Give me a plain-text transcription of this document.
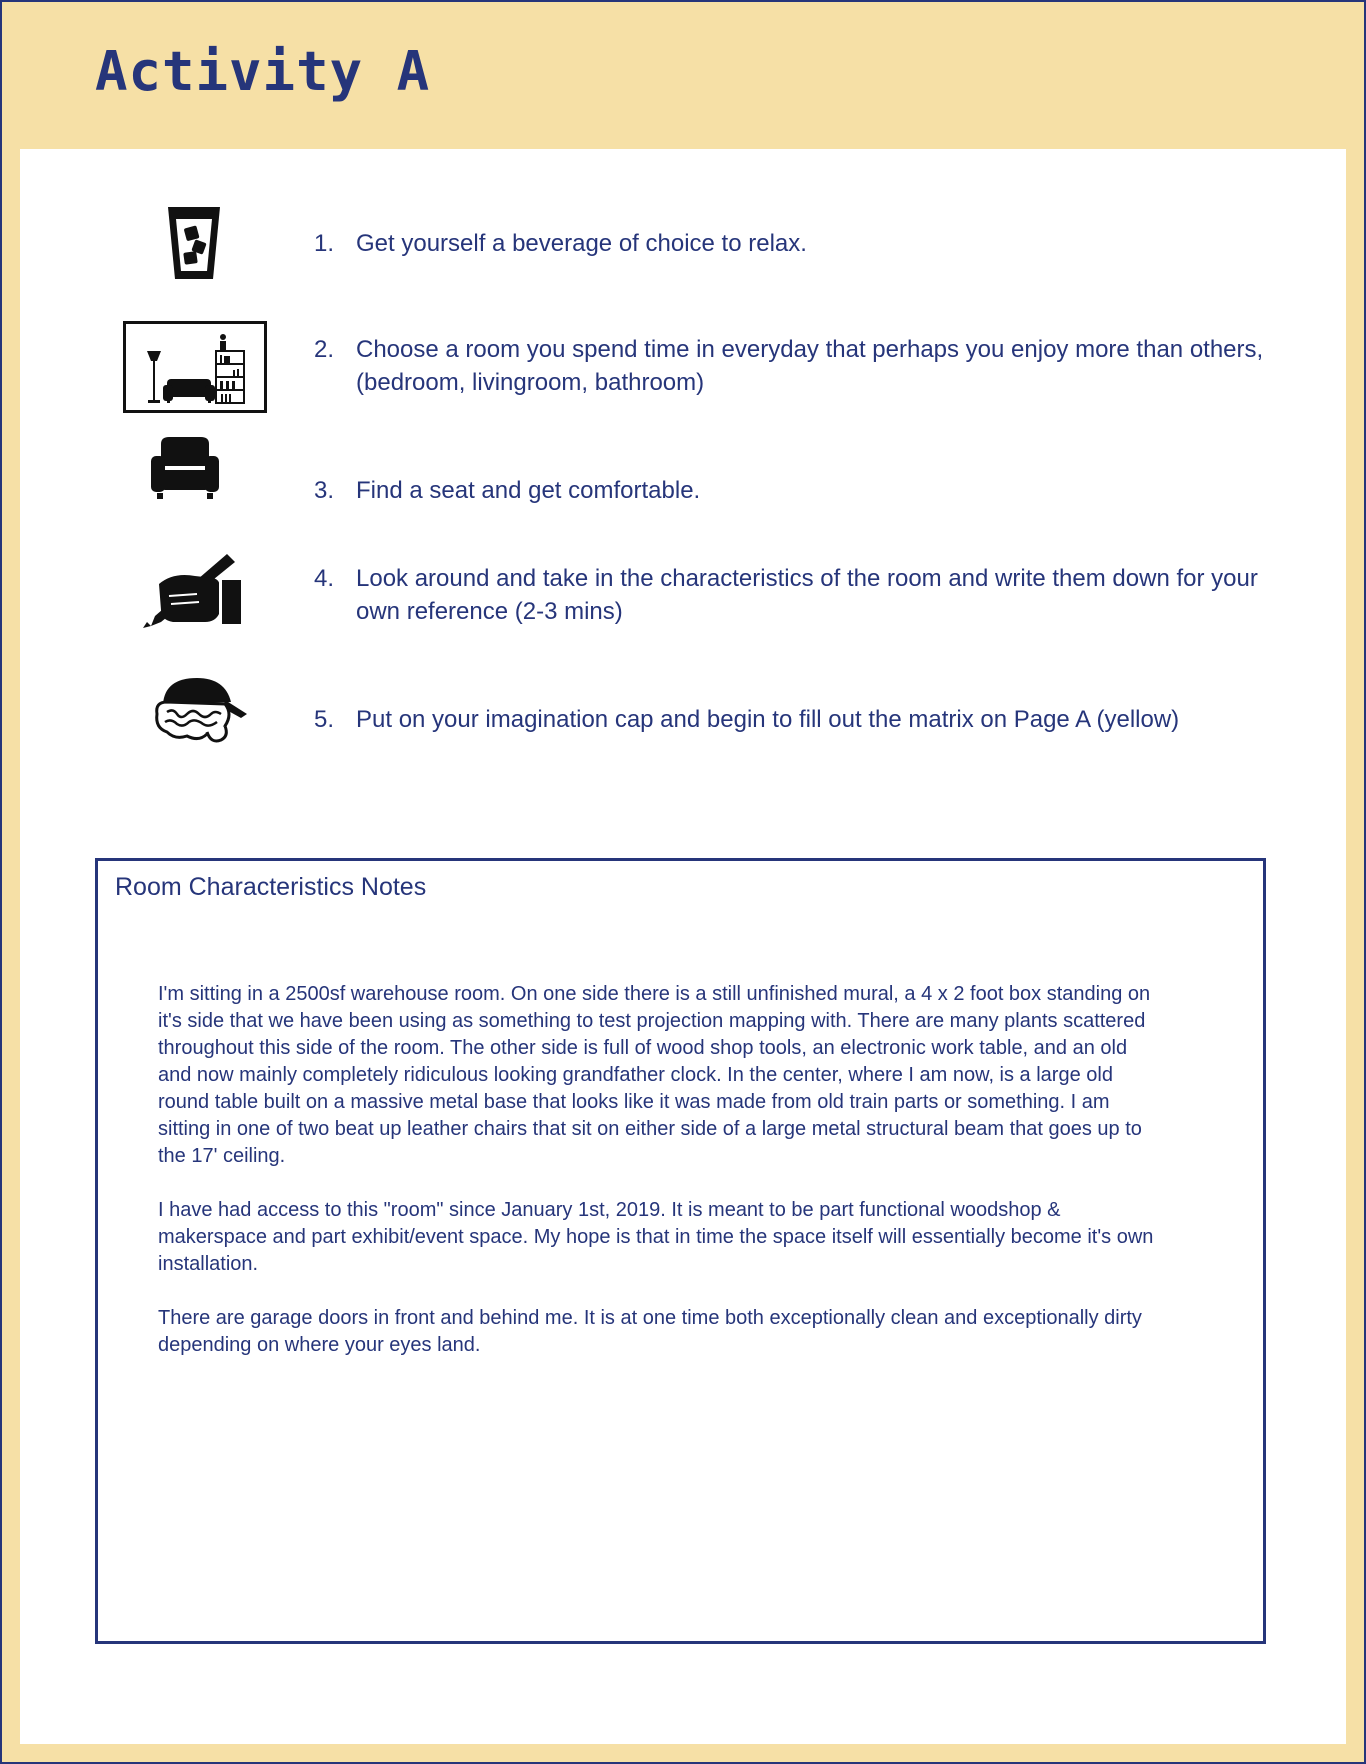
Activity A
1. Get yourself a beverage of choice to relax.
2. Choose a room you spend time in everyday that perhaps you enjoy more than others, (bedroom, livingroom, bathroom)
3. Find a seat and get comfortable.
4. Look around and take in the characteristics of the room and write them down for your own reference (2-3 mins)
5. Put on your imagination cap and begin to fill out the matrix on Page A (yellow)
Room Characteristics Notes

I'm sitting in a 2500sf warehouse room. On one side there is a still unfinished mural, a 4 x 2 foot box standing on it's side that we have been using as something to test projection mapping with. There are many plants scattered throughout this side of the room. The other side is full of wood shop tools, an electronic work table, and an old and now mainly completely ridiculous looking grandfather clock. In the center, where I am now, is a large old round table built on a massive metal base that looks like it was made from old train parts or something. I am sitting in one of two beat up leather chairs that sit on either side of a large metal structural beam that goes up to the 17' ceiling.

I have had access to this "room" since January 1st, 2019. It is meant to be part functional woodshop & makerspace and part exhibit/event space. My hope is that in time the space itself will essentially become it's own installation.

There are garage doors in front and behind me. It is at one time both exceptionally clean and exceptionally dirty depending on where your eyes land.
